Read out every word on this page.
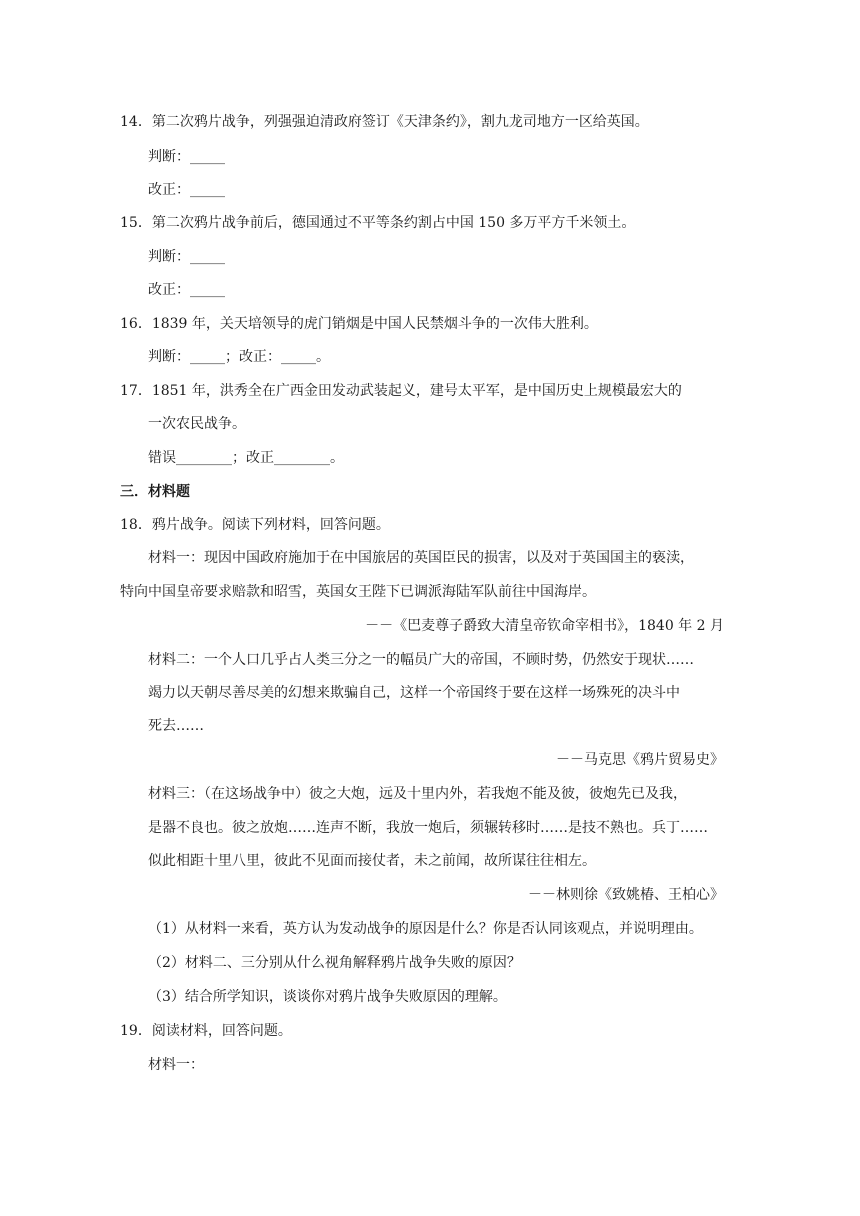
14．第二次鸦片战争，列强强迫清政府签订《天津条约》，割九龙司地方一区给英国。
判断：_____
改正：_____
15．第二次鸦片战争前后，德国通过不平等条约割占中国 150 多万平方千米领土。
判断：_____
改正：_____
16．1839 年，关天培领导的虎门销烟是中国人民禁烟斗争的一次伟大胜利。
判断：_____；改正：_____。
17．1851 年，洪秀全在广西金田发动武装起义，建号太平军，是中国历史上规模最宏大的
一次农民战争。
错误________；改正________。
三．材料题
18．鸦片战争。阅读下列材料，回答问题。
材料一：现因中国政府施加于在中国旅居的英国臣民的损害，以及对于英国国主的亵渎，
特向中国皇帝要求赔款和昭雪，英国女王陛下已调派海陆军队前往中国海岸。
－－《巴麦尊子爵致大清皇帝钦命宰相书》，1840 年 2 月
材料二：一个人口几乎占人类三分之一的幅员广大的帝国，不顾时势，仍然安于现状……
竭力以天朝尽善尽美的幻想来欺骗自己，这样一个帝国终于要在这样一场殊死的决斗中
死去……
－－马克思《鸦片贸易史》
材料三：（在这场战争中）彼之大炮，远及十里内外，若我炮不能及彼，彼炮先已及我，
是器不良也。彼之放炮……连声不断，我放一炮后，须辗转移时……是技不熟也。兵丁……
似此相距十里八里，彼此不见面而接仗者，未之前闻，故所谋往往相左。
－－林则徐《致姚椿、王柏心》
（1）从材料一来看，英方认为发动战争的原因是什么？你是否认同该观点，并说明理由。
（2）材料二、三分别从什么视角解释鸦片战争失败的原因？
（3）结合所学知识，谈谈你对鸦片战争失败原因的理解。
19．阅读材料，回答问题。
材料一：
